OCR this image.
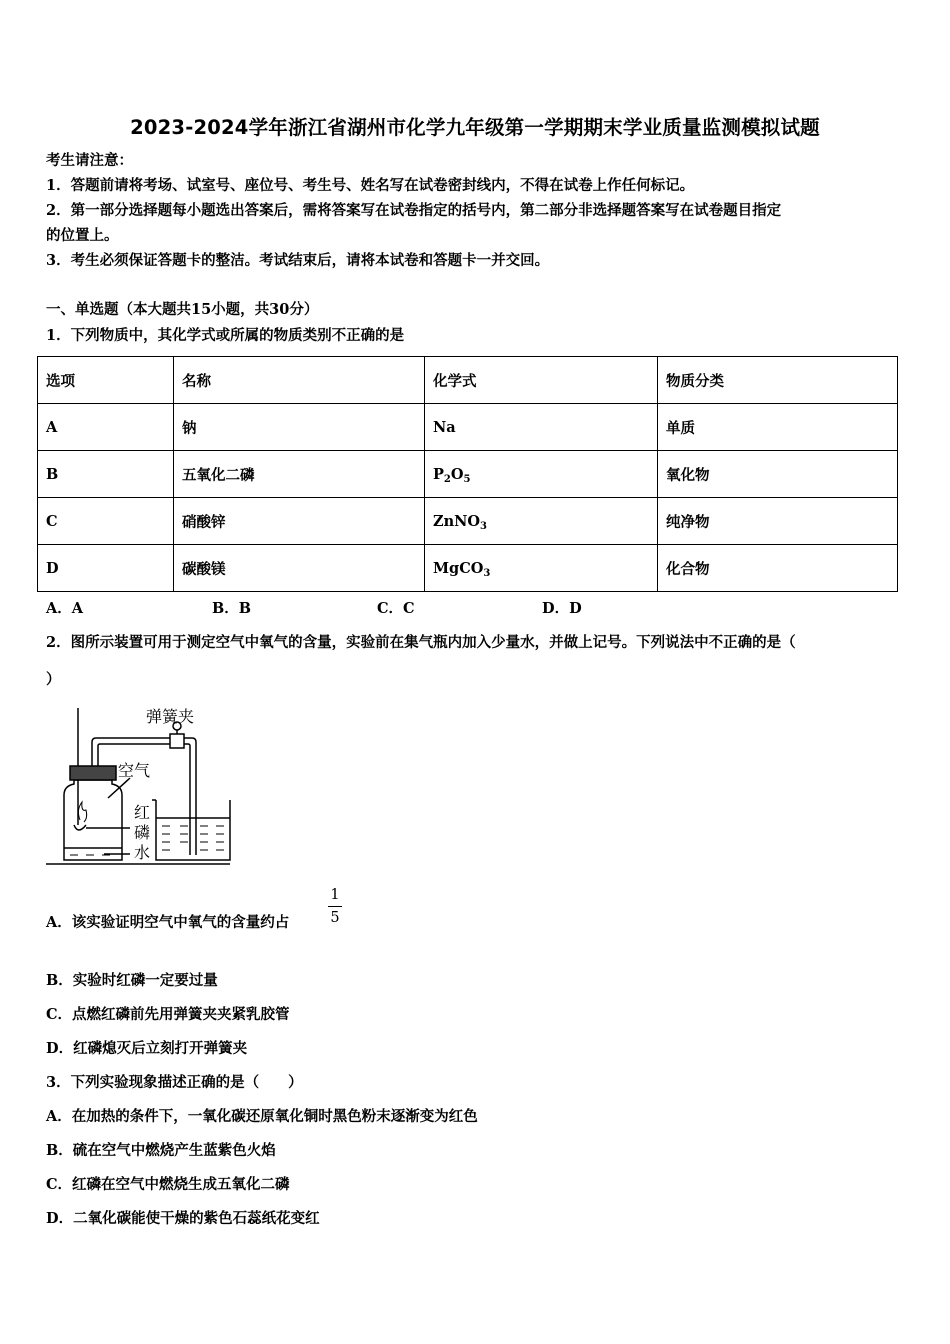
2023-2024学年浙江省湖州市化学九年级第一学期期末学业质量监测模拟试题
考生请注意：
1．答题前请将考场、试室号、座位号、考生号、姓名写在试卷密封线内，不得在试卷上作任何标记。
2．第一部分选择题每小题选出答案后，需将答案写在试卷指定的括号内，第二部分非选择题答案写在试卷题目指定
的位置上。
3．考生必须保证答题卡的整洁。考试结束后，请将本试卷和答题卡一并交回。
一、单选题（本大题共15小题，共30分）
1．下列物质中，其化学式或所属的物质类别不正确的是
选项	名称	化学式	物质分类
A	钠	Na	单质
B	五氧化二磷	$P_2O_5$	氧化物
C	硝酸锌	ZnNO$_3$	纯净物
D	碳酸镁	MgCO$_3$	化合物
A．A	B．B	C．C	D．D
2．图所示装置可用于测定空气中氧气的含量，实验前在集气瓶内加入少量水，并做上记号。下列说法中不正确的是（
）
弹簧夹
空气
红
磷
水
A．该实验证明空气中氧气的含量约占
1
5
B．实验时红磷一定要过量
C．点燃红磷前先用弹簧夹夹紧乳胶管
D．红磷熄灭后立刻打开弹簧夹
3．下列实验现象描述正确的是（　　）
A．在加热的条件下，一氧化碳还原氧化铜时黑色粉末逐渐变为红色
B．硫在空气中燃烧产生蓝紫色火焰
C．红磷在空气中燃烧生成五氧化二磷
D．二氧化碳能使干燥的紫色石蕊纸花变红
